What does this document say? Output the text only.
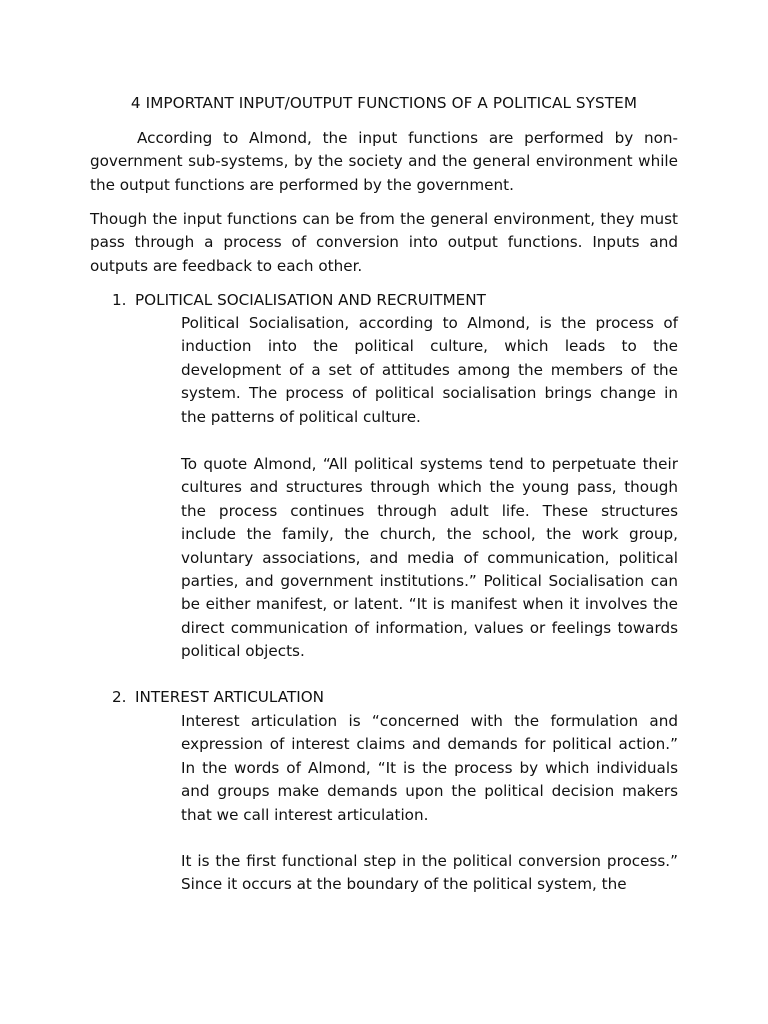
4 IMPORTANT INPUT/OUTPUT FUNCTIONS OF A POLITICAL SYSTEM

According to Almond, the input functions are performed by non-government sub-systems, by the society and the general environment while the output functions are performed by the government.

Though the input functions can be from the general environment, they must pass through a process of conversion into output functions. Inputs and outputs are feedback to each other.

1. POLITICAL SOCIALISATION AND RECRUITMENT

Political Socialisation, according to Almond, is the process of induction into the political culture, which leads to the development of a set of attitudes among the members of the system. The process of political socialisation brings change in the patterns of political culture.

To quote Almond, “All political systems tend to perpetuate their cultures and structures through which the young pass, though the process continues through adult life. These structures include the family, the church, the school, the work group, voluntary associations, and media of communication, political parties, and government institutions.” Political Socialisation can be either manifest, or latent. “It is manifest when it involves the direct communication of information, values or feelings towards political objects.

2. INTEREST ARTICULATION

Interest articulation is “concerned with the formulation and expression of interest claims and demands for political action.” In the words of Almond, “It is the process by which individuals and groups make demands upon the political decision makers that we call interest articulation.

It is the first functional step in the political conversion process.” Since it occurs at the boundary of the political system, the
